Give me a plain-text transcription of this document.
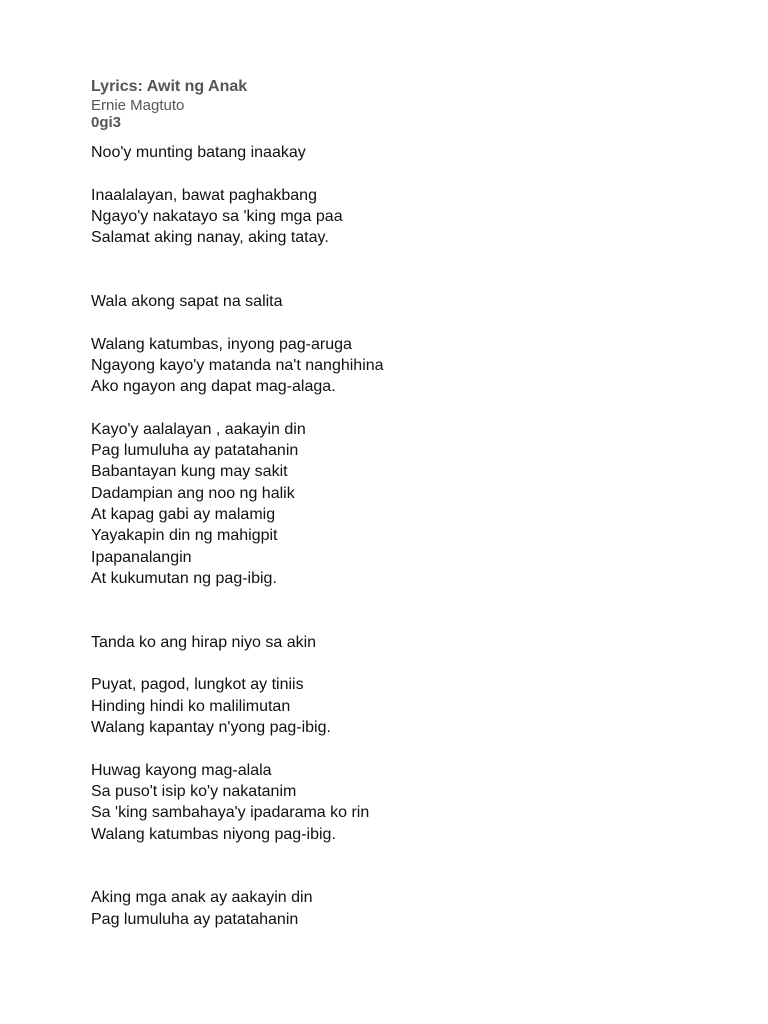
Lyrics: Awit ng Anak
Ernie Magtuto
0gi3
Noo'y munting batang inaakay
Inaalalayan, bawat paghakbang
Ngayo'y nakatayo sa 'king mga paa
Salamat aking nanay, aking tatay.
Wala akong sapat na salita
Walang katumbas, inyong pag-aruga
Ngayong kayo'y matanda na't nanghihina
Ako ngayon ang dapat mag-alaga.
Kayo'y aalalayan , aakayin din
Pag lumuluha ay patatahanin
Babantayan kung may sakit
Dadampian ang noo ng halik
At kapag gabi ay malamig
Yayakapin din ng mahigpit
Ipapanalangin
At kukumutan ng pag-ibig.
Tanda ko ang hirap niyo sa akin
Puyat, pagod, lungkot ay tiniis
Hinding hindi ko malilimutan
Walang kapantay n'yong pag-ibig.
Huwag kayong mag-alala
Sa puso't isip ko'y nakatanim
Sa 'king sambahaya'y ipadarama ko rin
Walang katumbas niyong pag-ibig.
Aking mga anak ay aakayin din
Pag lumuluha ay patatahanin
